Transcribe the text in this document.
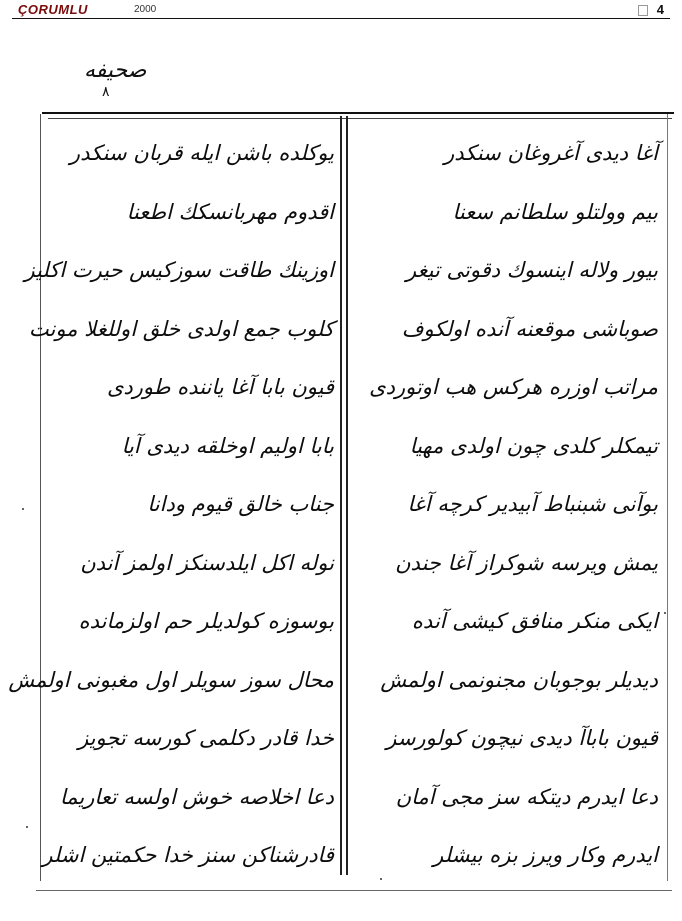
ÇORUMLU	2000	4
صحیفه
٨
آغا دیدی آغروغان سنکدر
بیم وولتلو سلطانم سعنا
بیور ولاله اینسوك دقوتی تیغر
صوباشی موقعنه آنده اولکوف
مراتب اوزره هرکس هب اوتوردی
تیمکلر کلدی چون اولدی مهیا
بوآنی شبنباط آبیدیر کرچه آغا
یمش ویرسه شوکراز آغا جندن
ایکی منکر منافق کیشی آنده
دیدیلر بوجوبان مجنونمی اولمش
قیون باباآ دیدی نیچون کولورسز
دعا ایدرم دیتکه سز مجی آمان
ایدرم وکار ویرز بزه بیشلر
یوکلده باشن ایله قربان سنکدر
اقدوم مهربانسکك اطعنا
اوزینك طاقت سوزکیس حیرت اکلیز
کلوب جمع اولدی خلق اوللغلا مونت
قیون بابا آغا یاننده طوردی
بابا اولیم اوخلقه دیدی آیا
جناب خالق قیوم ودانا
نوله اکل ایلدسنکز اولمز آندن
بوسوزه کولدیلر حم اولزمانده
محال سوز سویلر اول مغبونی اولمش
خدا قادر دکلمی کورسه تجویز
دعا اخلاصه خوش اولسه تعاریما
قادرشناکن سنز خدا حکمتین اشلر
